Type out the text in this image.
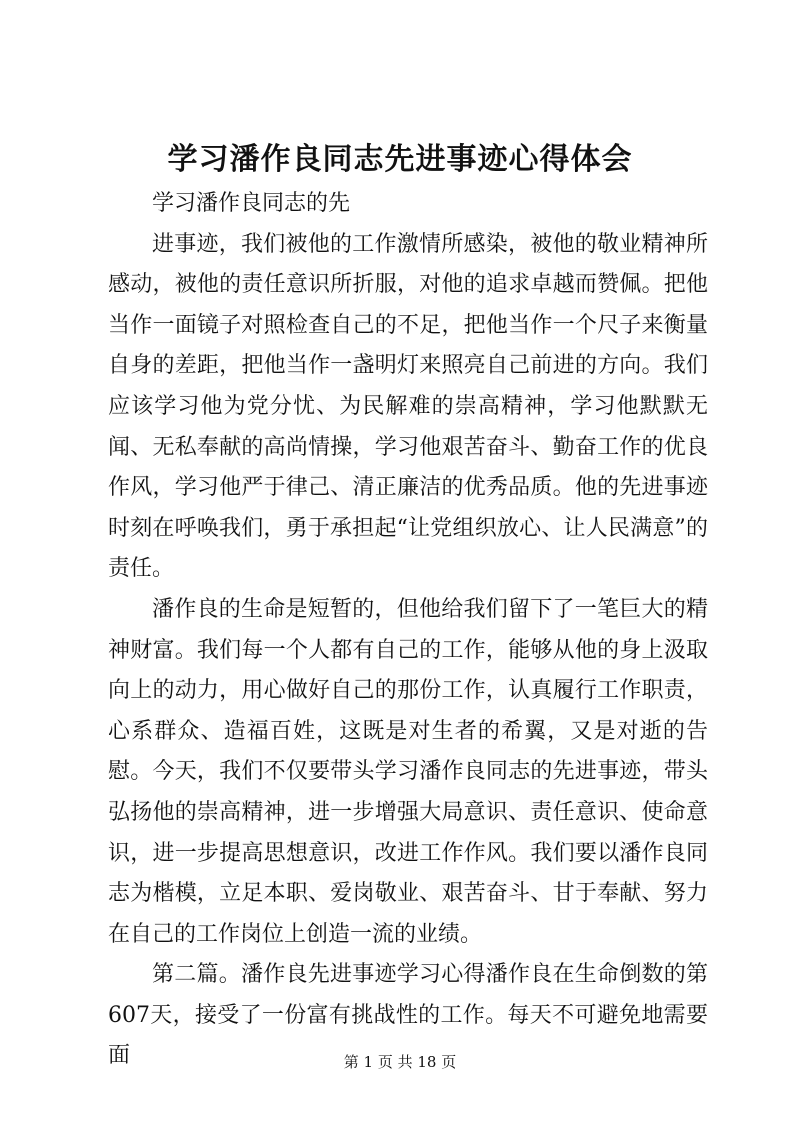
学习潘作良同志先进事迹心得体会

学习潘作良同志的先

进事迹，我们被他的工作激情所感染，被他的敬业精神所感动，被他的责任意识所折服，对他的追求卓越而赞佩。把他当作一面镜子对照检查自己的不足，把他当作一个尺子来衡量自身的差距，把他当作一盏明灯来照亮自己前进的方向。我们应该学习他为党分忧、为民解难的崇高精神，学习他默默无闻、无私奉献的高尚情操，学习他艰苦奋斗、勤奋工作的优良作风，学习他严于律己、清正廉洁的优秀品质。他的先进事迹时刻在呼唤我们，勇于承担起“让党组织放心、让人民满意”的责任。

潘作良的生命是短暂的，但他给我们留下了一笔巨大的精神财富。我们每一个人都有自己的工作，能够从他的身上汲取向上的动力，用心做好自己的那份工作，认真履行工作职责，心系群众、造福百姓，这既是对生者的希翼，又是对逝的告慰。今天，我们不仅要带头学习潘作良同志的先进事迹，带头弘扬他的崇高精神，进一步增强大局意识、责任意识、使命意识，进一步提高思想意识，改进工作作风。我们要以潘作良同志为楷模，立足本职、爱岗敬业、艰苦奋斗、甘于奉献、努力在自己的工作岗位上创造一流的业绩。

第二篇。潘作良先进事迹学习心得潘作良在生命倒数的第607天，接受了一份富有挑战性的工作。每天不可避免地需要面	第 1 页 共 18 页
